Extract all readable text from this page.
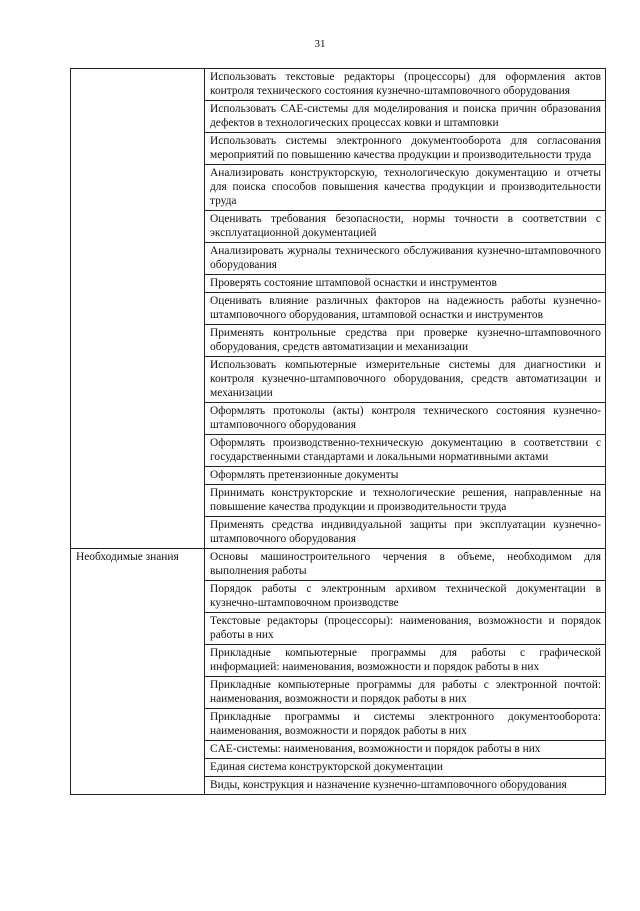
31
	Использовать текстовые редакторы (процессоры) для оформления актов контроля технического состояния кузнечно-штамповочного оборудования
	Использовать CAE-системы для моделирования и поиска причин образования дефектов в технологических процессах ковки и штамповки
	Использовать системы электронного документооборота для согласования мероприятий по повышению качества продукции и производительности труда
	Анализировать конструкторскую, технологическую документацию и отчеты для поиска способов повышения качества продукции и производительности труда
	Оценивать требования безопасности, нормы точности в соответствии с эксплуатационной документацией
	Анализировать журналы технического обслуживания кузнечно-штамповочного оборудования
	Проверять состояние штамповой оснастки и инструментов
	Оценивать влияние различных факторов на надежность работы кузнечно-штамповочного оборудования, штамповой оснастки и инструментов
	Применять контрольные средства при проверке кузнечно-штамповочного оборудования, средств автоматизации и механизации
	Использовать компьютерные измерительные системы для диагностики и контроля кузнечно-штамповочного оборудования, средств автоматизации и механизации
	Оформлять протоколы (акты) контроля технического состояния кузнечно-штамповочного оборудования
	Оформлять производственно-техническую документацию в соответствии с государственными стандартами и локальными нормативными актами
	Оформлять претензионные документы
	Принимать конструкторские и технологические решения, направленные на повышение качества продукции и производительности труда
	Применять средства индивидуальной защиты при эксплуатации кузнечно-штамповочного оборудования
Необходимые знания	Основы машиностроительного черчения в объеме, необходимом для выполнения работы
	Порядок работы с электронным архивом технической документации в кузнечно-штамповочном производстве
	Текстовые редакторы (процессоры): наименования, возможности и порядок работы в них
	Прикладные компьютерные программы для работы с графической информацией: наименования, возможности и порядок работы в них
	Прикладные компьютерные программы для работы с электронной почтой: наименования, возможности и порядок работы в них
	Прикладные программы и системы электронного документооборота: наименования, возможности и порядок работы в них
	CAE-системы: наименования, возможности и порядок работы в них
	Единая система конструкторской документации
	Виды, конструкция и назначение кузнечно-штамповочного оборудования
